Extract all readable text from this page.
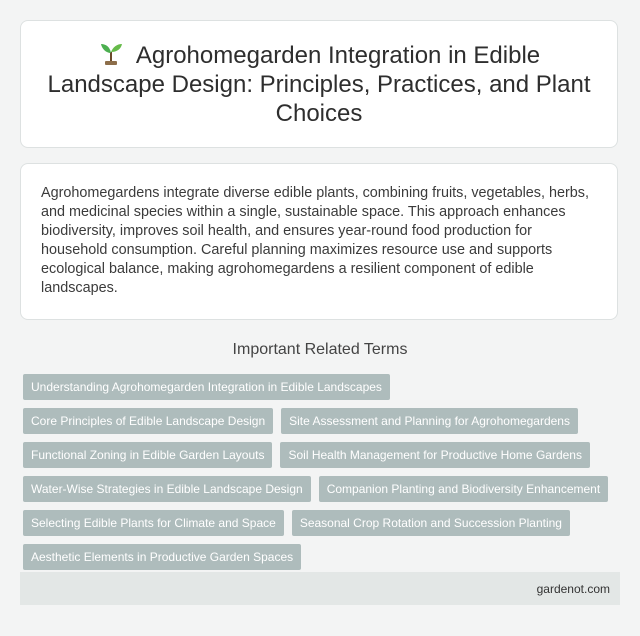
Agrohomegarden Integration in Edible Landscape Design: Principles, Practices, and Plant Choices

Agrohomegardens integrate diverse edible plants, combining fruits, vegetables, herbs, and medicinal species within a single, sustainable space. This approach enhances biodiversity, improves soil health, and ensures year-round food production for household consumption. Careful planning maximizes resource use and supports ecological balance, making agrohomegardens a resilient component of edible landscapes.

Important Related Terms
Understanding Agrohomegarden Integration in Edible Landscapes
Core Principles of Edible Landscape Design	Site Assessment and Planning for Agrohomegardens
Functional Zoning in Edible Garden Layouts	Soil Health Management for Productive Home Gardens
Water-Wise Strategies in Edible Landscape Design	Companion Planting and Biodiversity Enhancement
Selecting Edible Plants for Climate and Space	Seasonal Crop Rotation and Succession Planting
Aesthetic Elements in Productive Garden Spaces
gardenot.com
